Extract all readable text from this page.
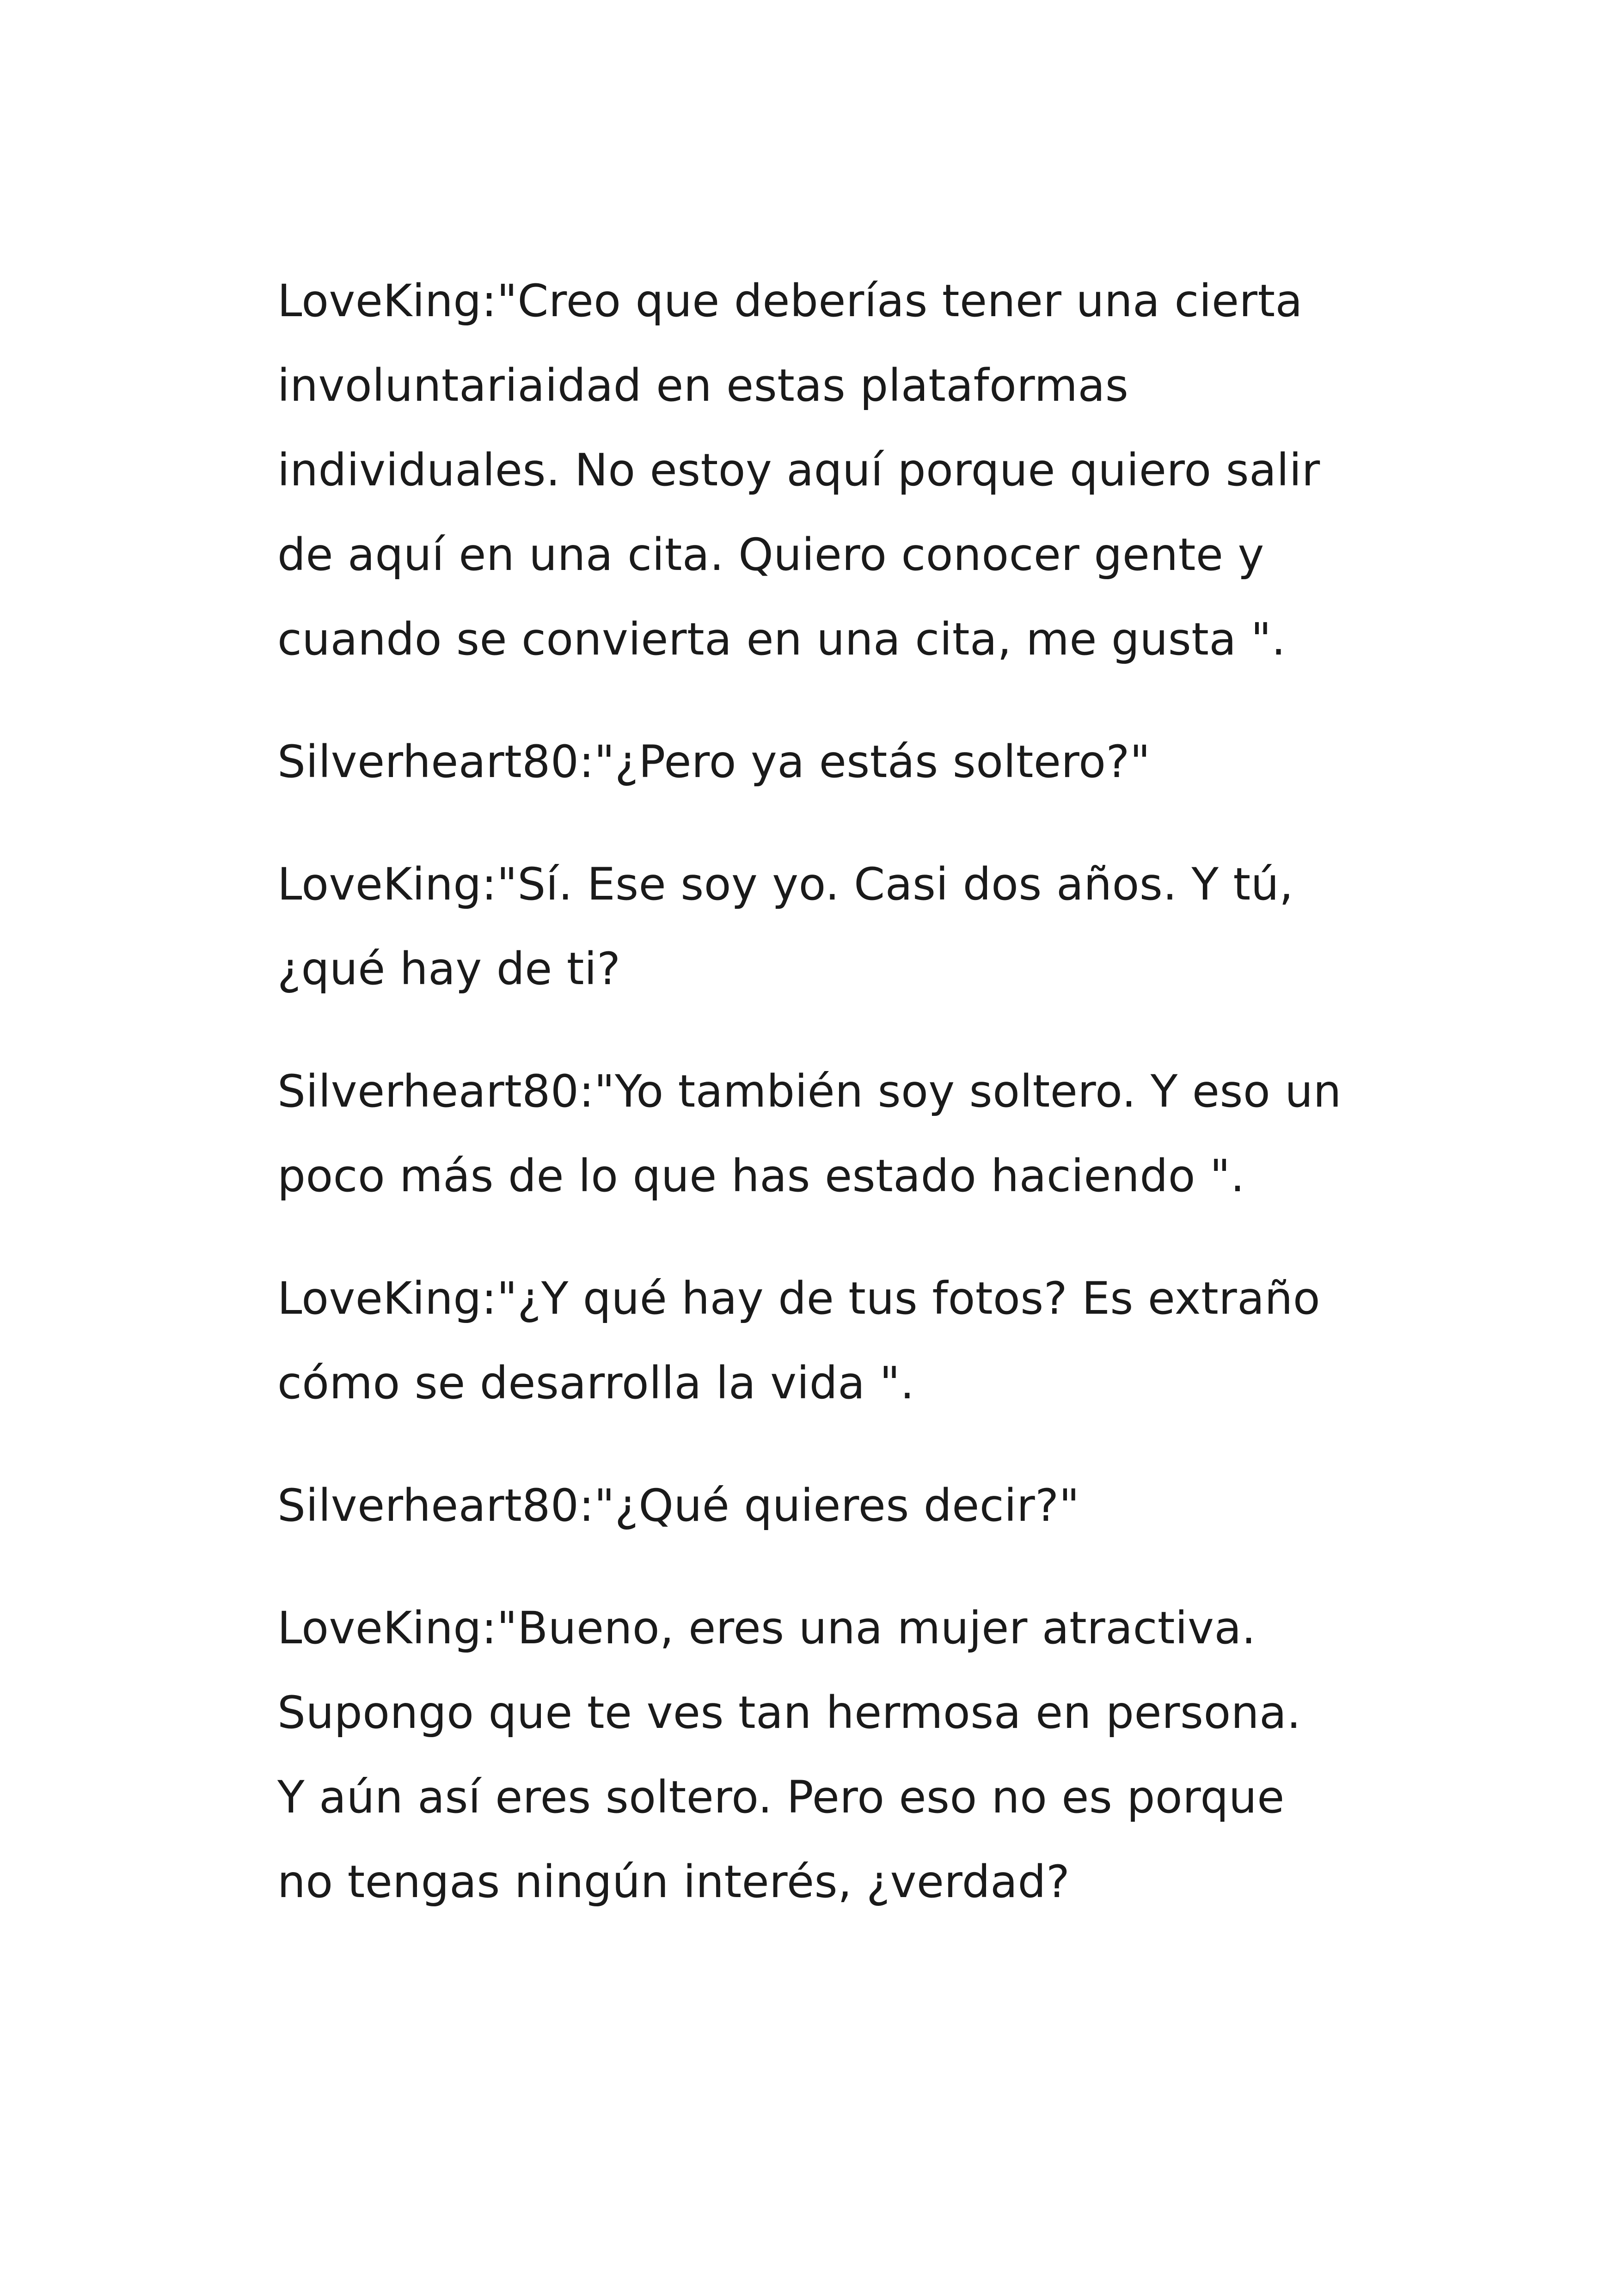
LoveKing:"Creo que deberías tener una cierta
involuntariaidad en estas plataformas
individuales. No estoy aquí porque quiero salir
de aquí en una cita. Quiero conocer gente y
cuando se convierta en una cita, me gusta ".

Silverheart80:"¿Pero ya estás soltero?"

LoveKing:"Sí. Ese soy yo. Casi dos años. Y tú,
¿qué hay de ti?

Silverheart80:"Yo también soy soltero. Y eso un
poco más de lo que has estado haciendo ".

LoveKing:"¿Y qué hay de tus fotos? Es extraño
cómo se desarrolla la vida ".

Silverheart80:"¿Qué quieres decir?"

LoveKing:"Bueno, eres una mujer atractiva.
Supongo que te ves tan hermosa en persona.
Y aún así eres soltero. Pero eso no es porque
no tengas ningún interés, ¿verdad?
